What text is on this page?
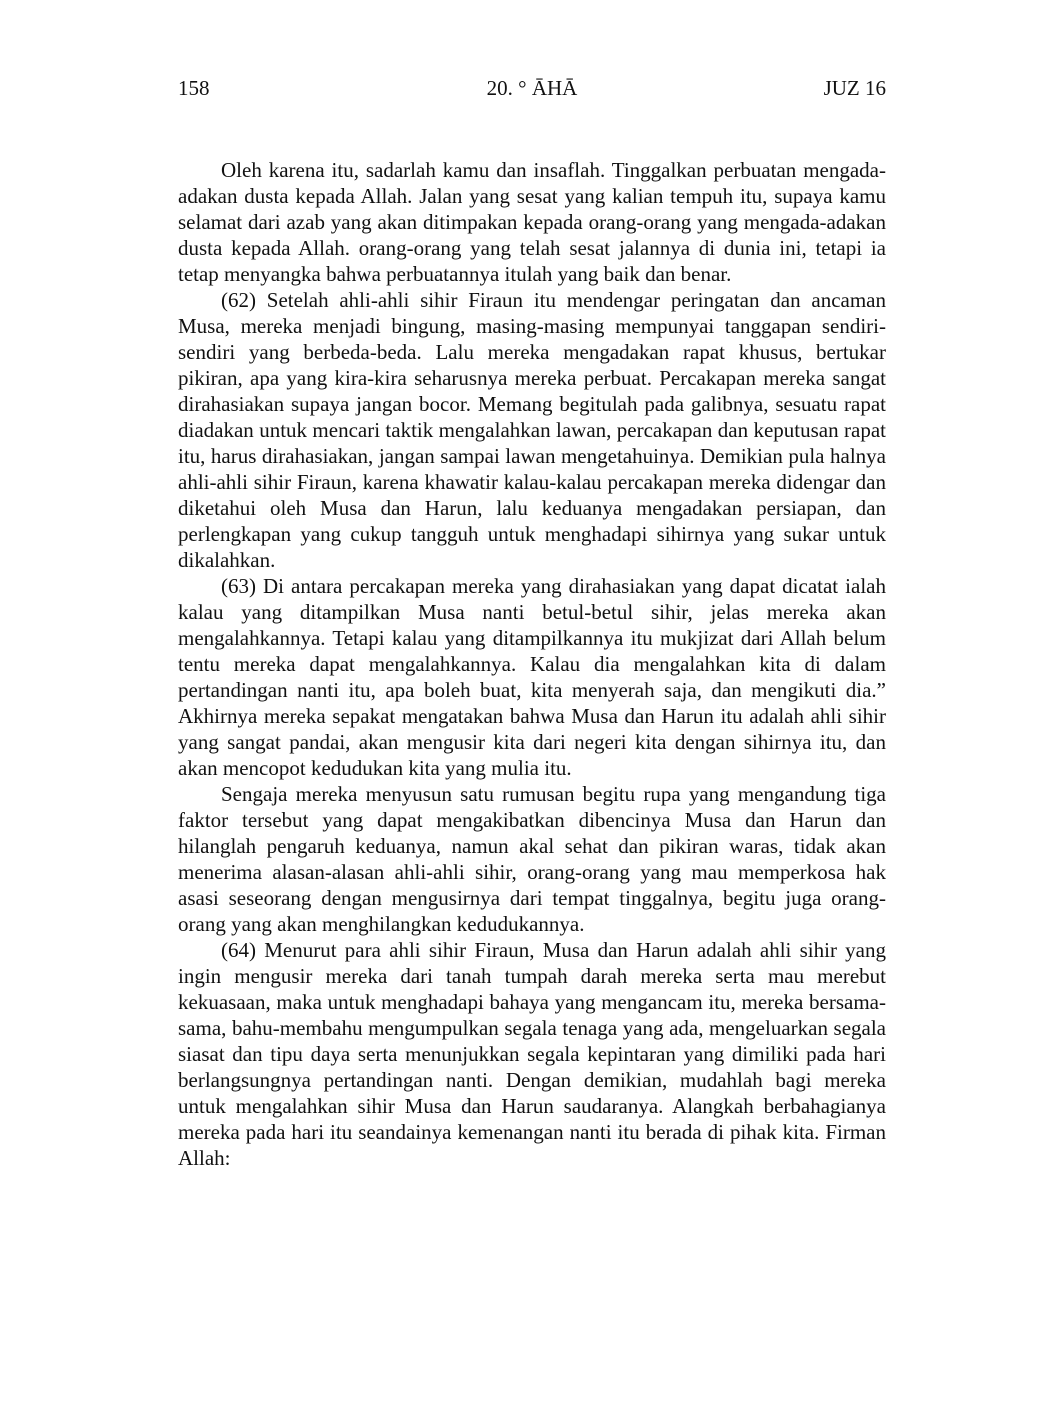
158	20. ° ĀHĀ	JUZ 16

Oleh karena itu, sadarlah kamu dan insaflah. Tinggalkan perbuatan mengada-adakan dusta kepada Allah. Jalan yang sesat yang kalian tempuh itu, supaya kamu selamat dari azab yang akan ditimpakan kepada orang-orang yang mengada-adakan dusta kepada Allah. orang-orang yang telah sesat jalannya di dunia ini, tetapi ia tetap menyangka bahwa perbuatannya itulah yang baik dan benar.

(62) Setelah ahli-ahli sihir Firaun itu mendengar peringatan dan ancaman Musa, mereka menjadi bingung, masing-masing mempunyai tanggapan sendiri-sendiri yang berbeda-beda. Lalu mereka mengadakan rapat khusus, bertukar pikiran, apa yang kira-kira seharusnya mereka perbuat. Percakapan mereka sangat dirahasiakan supaya jangan bocor. Memang begitulah pada galibnya, sesuatu rapat diadakan untuk mencari taktik mengalahkan lawan, percakapan dan keputusan rapat itu, harus dirahasiakan, jangan sampai lawan mengetahuinya. Demikian pula halnya ahli-ahli sihir Firaun, karena khawatir kalau-kalau percakapan mereka didengar dan diketahui oleh Musa dan Harun, lalu keduanya mengadakan persiapan, dan perlengkapan yang cukup tangguh untuk menghadapi sihirnya yang sukar untuk dikalahkan.

(63) Di antara percakapan mereka yang dirahasiakan yang dapat dicatat ialah kalau yang ditampilkan Musa nanti betul-betul sihir, jelas mereka akan mengalahkannya. Tetapi kalau yang ditampilkannya itu mukjizat dari Allah belum tentu mereka dapat mengalahkannya. Kalau dia mengalahkan kita di dalam pertandingan nanti itu, apa boleh buat, kita menyerah saja, dan mengikuti dia.” Akhirnya mereka sepakat mengatakan bahwa Musa dan Harun itu adalah ahli sihir yang sangat pandai, akan mengusir kita dari negeri kita dengan sihirnya itu, dan akan mencopot kedudukan kita yang mulia itu.

Sengaja mereka menyusun satu rumusan begitu rupa yang mengandung tiga faktor tersebut yang dapat mengakibatkan dibencinya Musa dan Harun dan hilanglah pengaruh keduanya, namun akal sehat dan pikiran waras, tidak akan menerima alasan-alasan ahli-ahli sihir, orang-orang yang mau memperkosa hak asasi seseorang dengan mengusirnya dari tempat tinggalnya, begitu juga orang-orang yang akan menghilangkan kedudukannya.

(64) Menurut para ahli sihir Firaun, Musa dan Harun adalah ahli sihir yang ingin mengusir mereka dari tanah tumpah darah mereka serta mau merebut kekuasaan, maka untuk menghadapi bahaya yang mengancam itu, mereka bersama-sama, bahu-membahu mengumpulkan segala tenaga yang ada, mengeluarkan segala siasat dan tipu daya serta menunjukkan segala kepintaran yang dimiliki pada hari berlangsungnya pertandingan nanti. Dengan demikian, mudahlah bagi mereka untuk mengalahkan sihir Musa dan Harun saudaranya. Alangkah berbahagianya mereka pada hari itu seandainya kemenangan nanti itu berada di pihak kita. Firman Allah:
